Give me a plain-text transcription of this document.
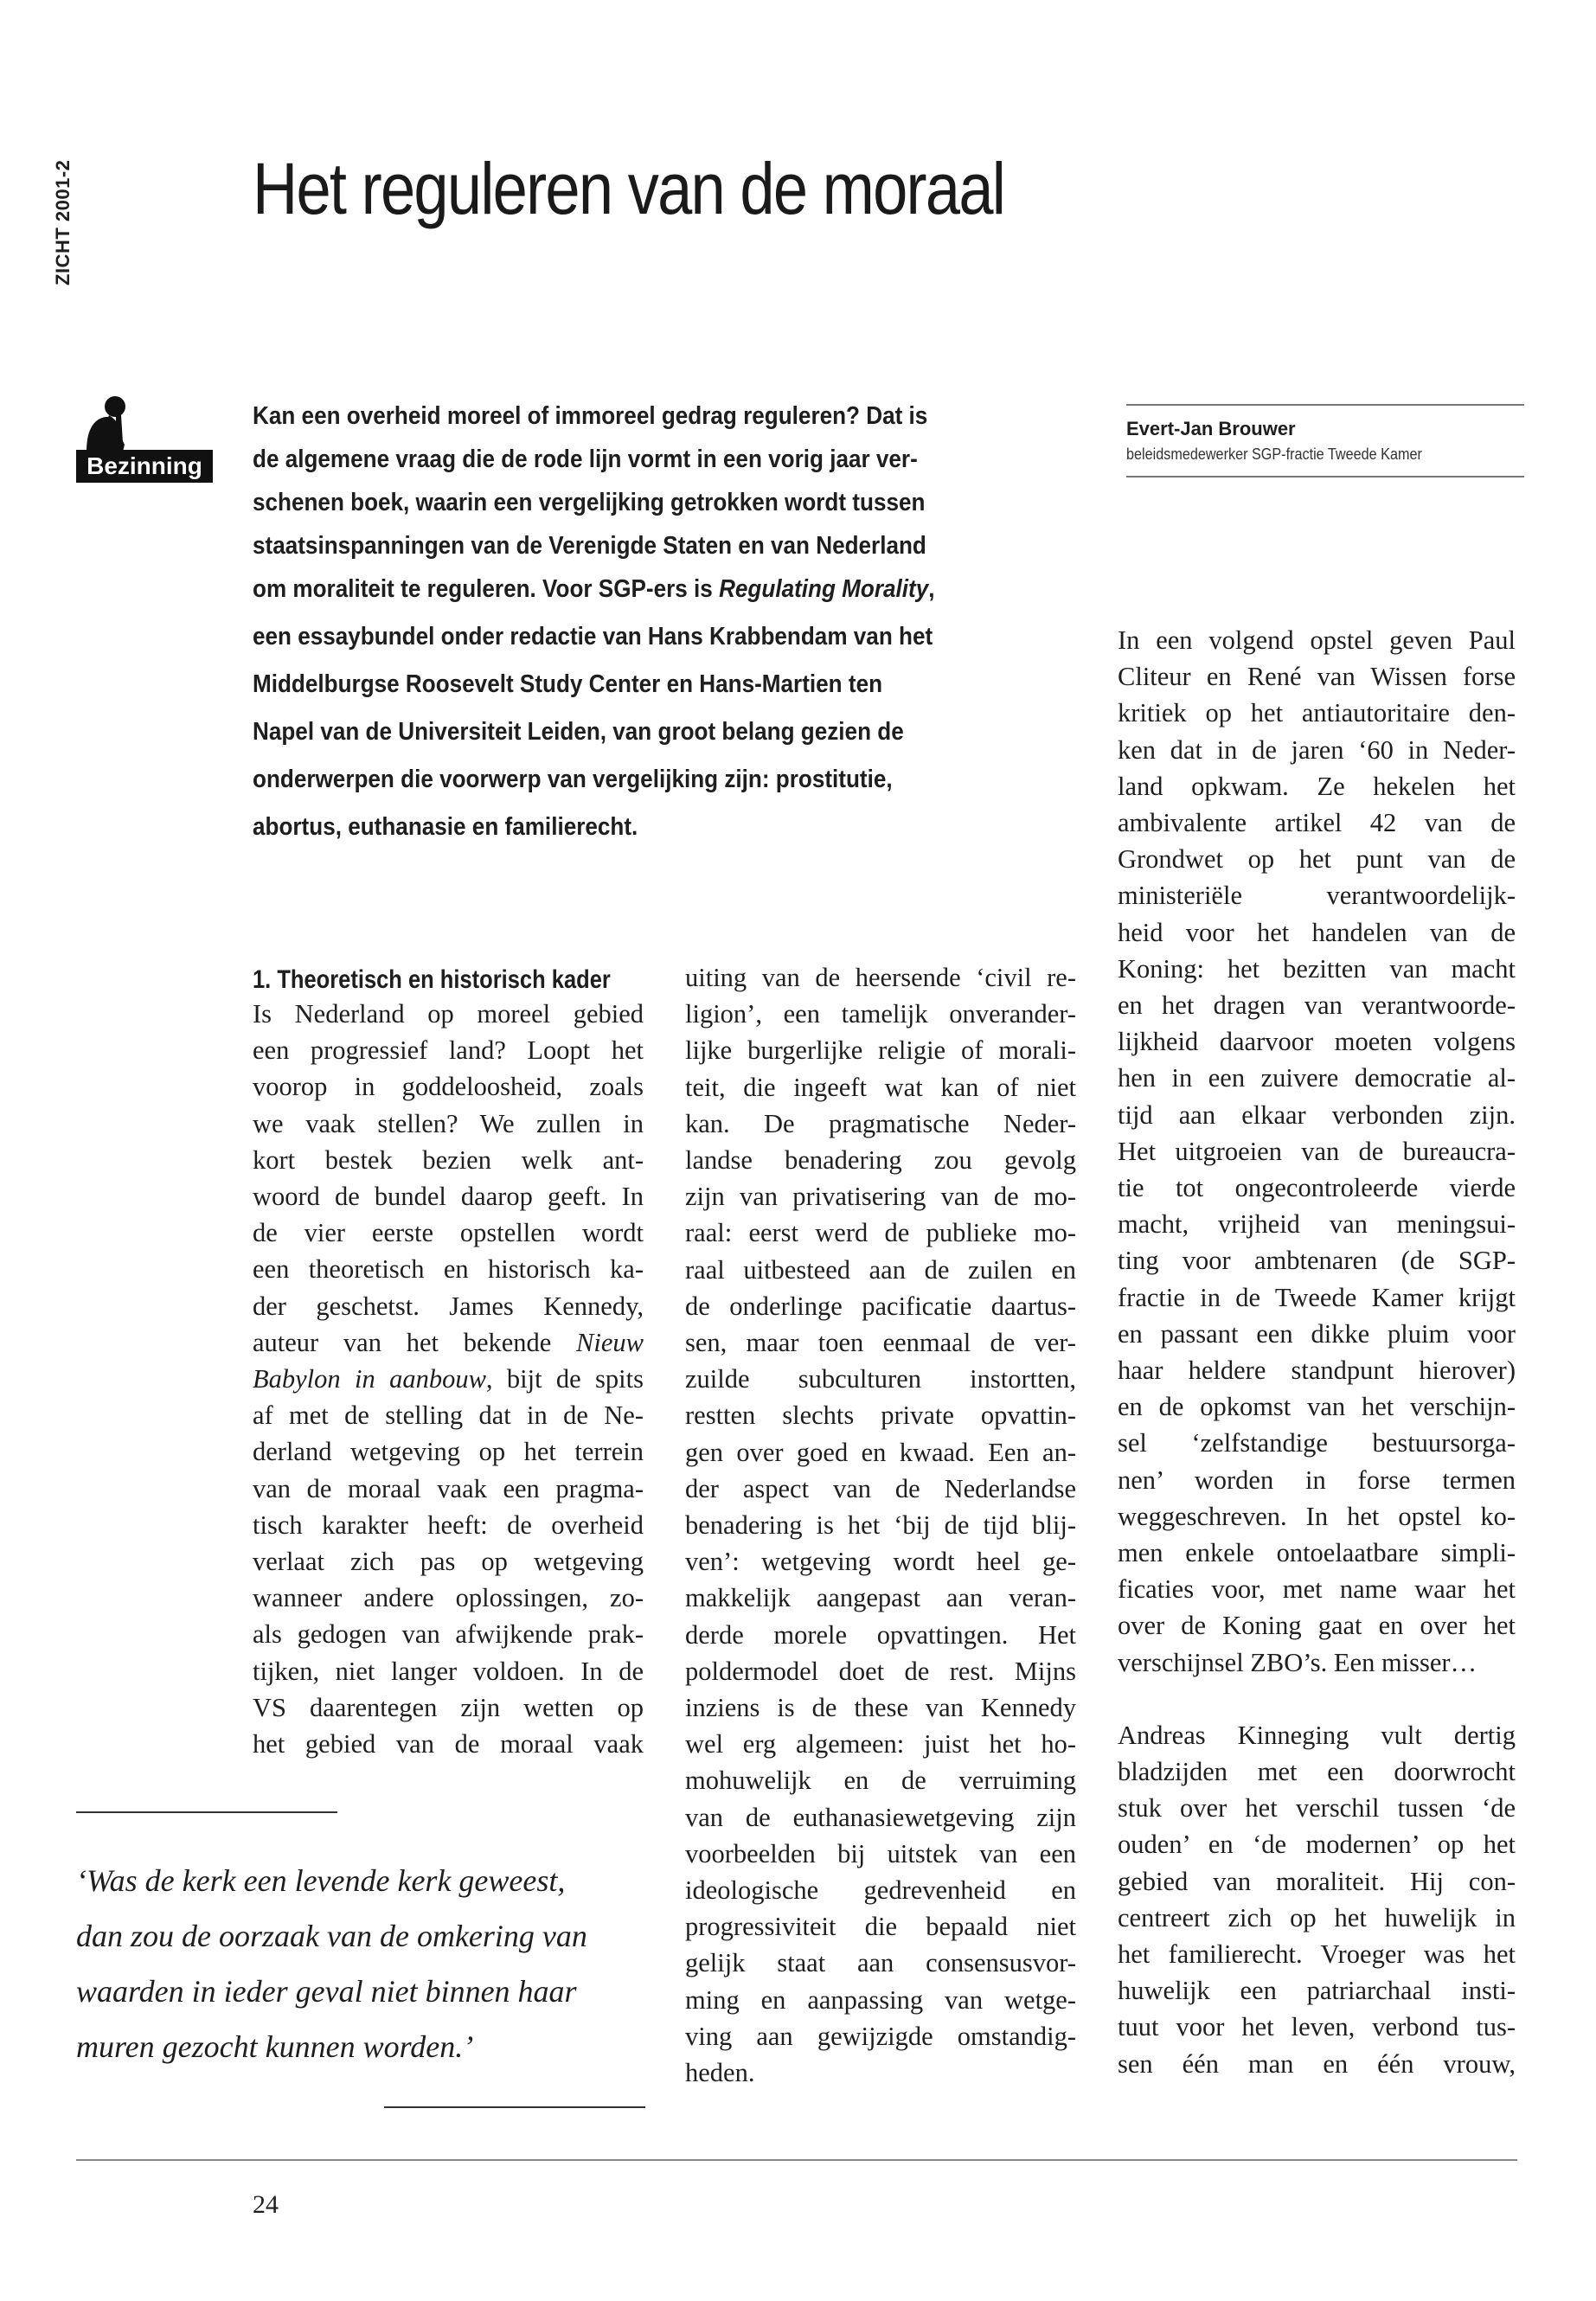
ZICHT 2001-2 Het reguleren van de moraal
Bezinning
Kan een overheid moreel of immoreel gedrag reguleren? Dat is
de algemene vraag die de rode lijn vormt in een vorig jaar ver-
schenen boek, waarin een vergelijking getrokken wordt tussen
staatsinspanningen van de Verenigde Staten en van Nederland
om moraliteit te reguleren. Voor SGP-ers is Regulating Morality,
een essaybundel onder redactie van Hans Krabbendam van het
Middelburgse Roosevelt Study Center en Hans-Martien ten
Napel van de Universiteit Leiden, van groot belang gezien de
onderwerpen die voorwerp van vergelijking zijn: prostitutie,
abortus, euthanasie en familierecht.
Evert-Jan Brouwer
beleidsmedewerker SGP-fractie Tweede Kamer
1. Theoretisch en historisch kader
Is Nederland op moreel gebied
een progressief land? Loopt het
voorop in goddeloosheid, zoals
we vaak stellen? We zullen in
kort bestek bezien welk ant-
woord de bundel daarop geeft. In
de vier eerste opstellen wordt
een theoretisch en historisch ka-
der geschetst. James Kennedy,
auteur van het bekende Nieuw
Babylon in aanbouw, bijt de spits
af met de stelling dat in de Ne-
derland wetgeving op het terrein
van de moraal vaak een pragma-
tisch karakter heeft: de overheid
verlaat zich pas op wetgeving
wanneer andere oplossingen, zo-
als gedogen van afwijkende prak-
tijken, niet langer voldoen. In de
VS daarentegen zijn wetten op
het gebied van de moraal vaak
uiting van de heersende ‘civil re-
ligion’, een tamelijk onverander-
lijke burgerlijke religie of morali-
teit, die ingeeft wat kan of niet
kan. De pragmatische Neder-
landse benadering zou gevolg
zijn van privatisering van de mo-
raal: eerst werd de publieke mo-
raal uitbesteed aan de zuilen en
de onderlinge pacificatie daartus-
sen, maar toen eenmaal de ver-
zuilde subculturen instortten,
restten slechts private opvattin-
gen over goed en kwaad. Een an-
der aspect van de Nederlandse
benadering is het ‘bij de tijd blij-
ven’: wetgeving wordt heel ge-
makkelijk aangepast aan veran-
derde morele opvattingen. Het
poldermodel doet de rest. Mijns
inziens is de these van Kennedy
wel erg algemeen: juist het ho-
mohuwelijk en de verruiming
van de euthanasiewetgeving zijn
voorbeelden bij uitstek van een
ideologische gedrevenheid en
progressiviteit die bepaald niet
gelijk staat aan consensusvor-
ming en aanpassing van wetge-
ving aan gewijzigde omstandig-
heden.
In een volgend opstel geven Paul
Cliteur en René van Wissen forse
kritiek op het antiautoritaire den-
ken dat in de jaren ‘60 in Neder-
land opkwam. Ze hekelen het
ambivalente artikel 42 van de
Grondwet op het punt van de
ministeriële verantwoordelijk-
heid voor het handelen van de
Koning: het bezitten van macht
en het dragen van verantwoorde-
lijkheid daarvoor moeten volgens
hen in een zuivere democratie al-
tijd aan elkaar verbonden zijn.
Het uitgroeien van de bureaucra-
tie tot ongecontroleerde vierde
macht, vrijheid van meningsui-
ting voor ambtenaren (de SGP-
fractie in de Tweede Kamer krijgt
en passant een dikke pluim voor
haar heldere standpunt hierover)
en de opkomst van het verschijn-
sel ‘zelfstandige bestuursorga-
nen’ worden in forse termen
weggeschreven. In het opstel ko-
men enkele ontoelaatbare simpli-
ficaties voor, met name waar het
over de Koning gaat en over het
verschijnsel ZBO’s. Een misser…
Andreas Kinneging vult dertig
bladzijden met een doorwrocht
stuk over het verschil tussen ‘de
ouden’ en ‘de modernen’ op het
gebied van moraliteit. Hij con-
centreert zich op het huwelijk in
het familierecht. Vroeger was het
huwelijk een patriarchaal insti-
tuut voor het leven, verbond tus-
sen één man en één vrouw,
‘Was de kerk een levende kerk geweest,
dan zou de oorzaak van de omkering van
waarden in ieder geval niet binnen haar
muren gezocht kunnen worden.’
24
